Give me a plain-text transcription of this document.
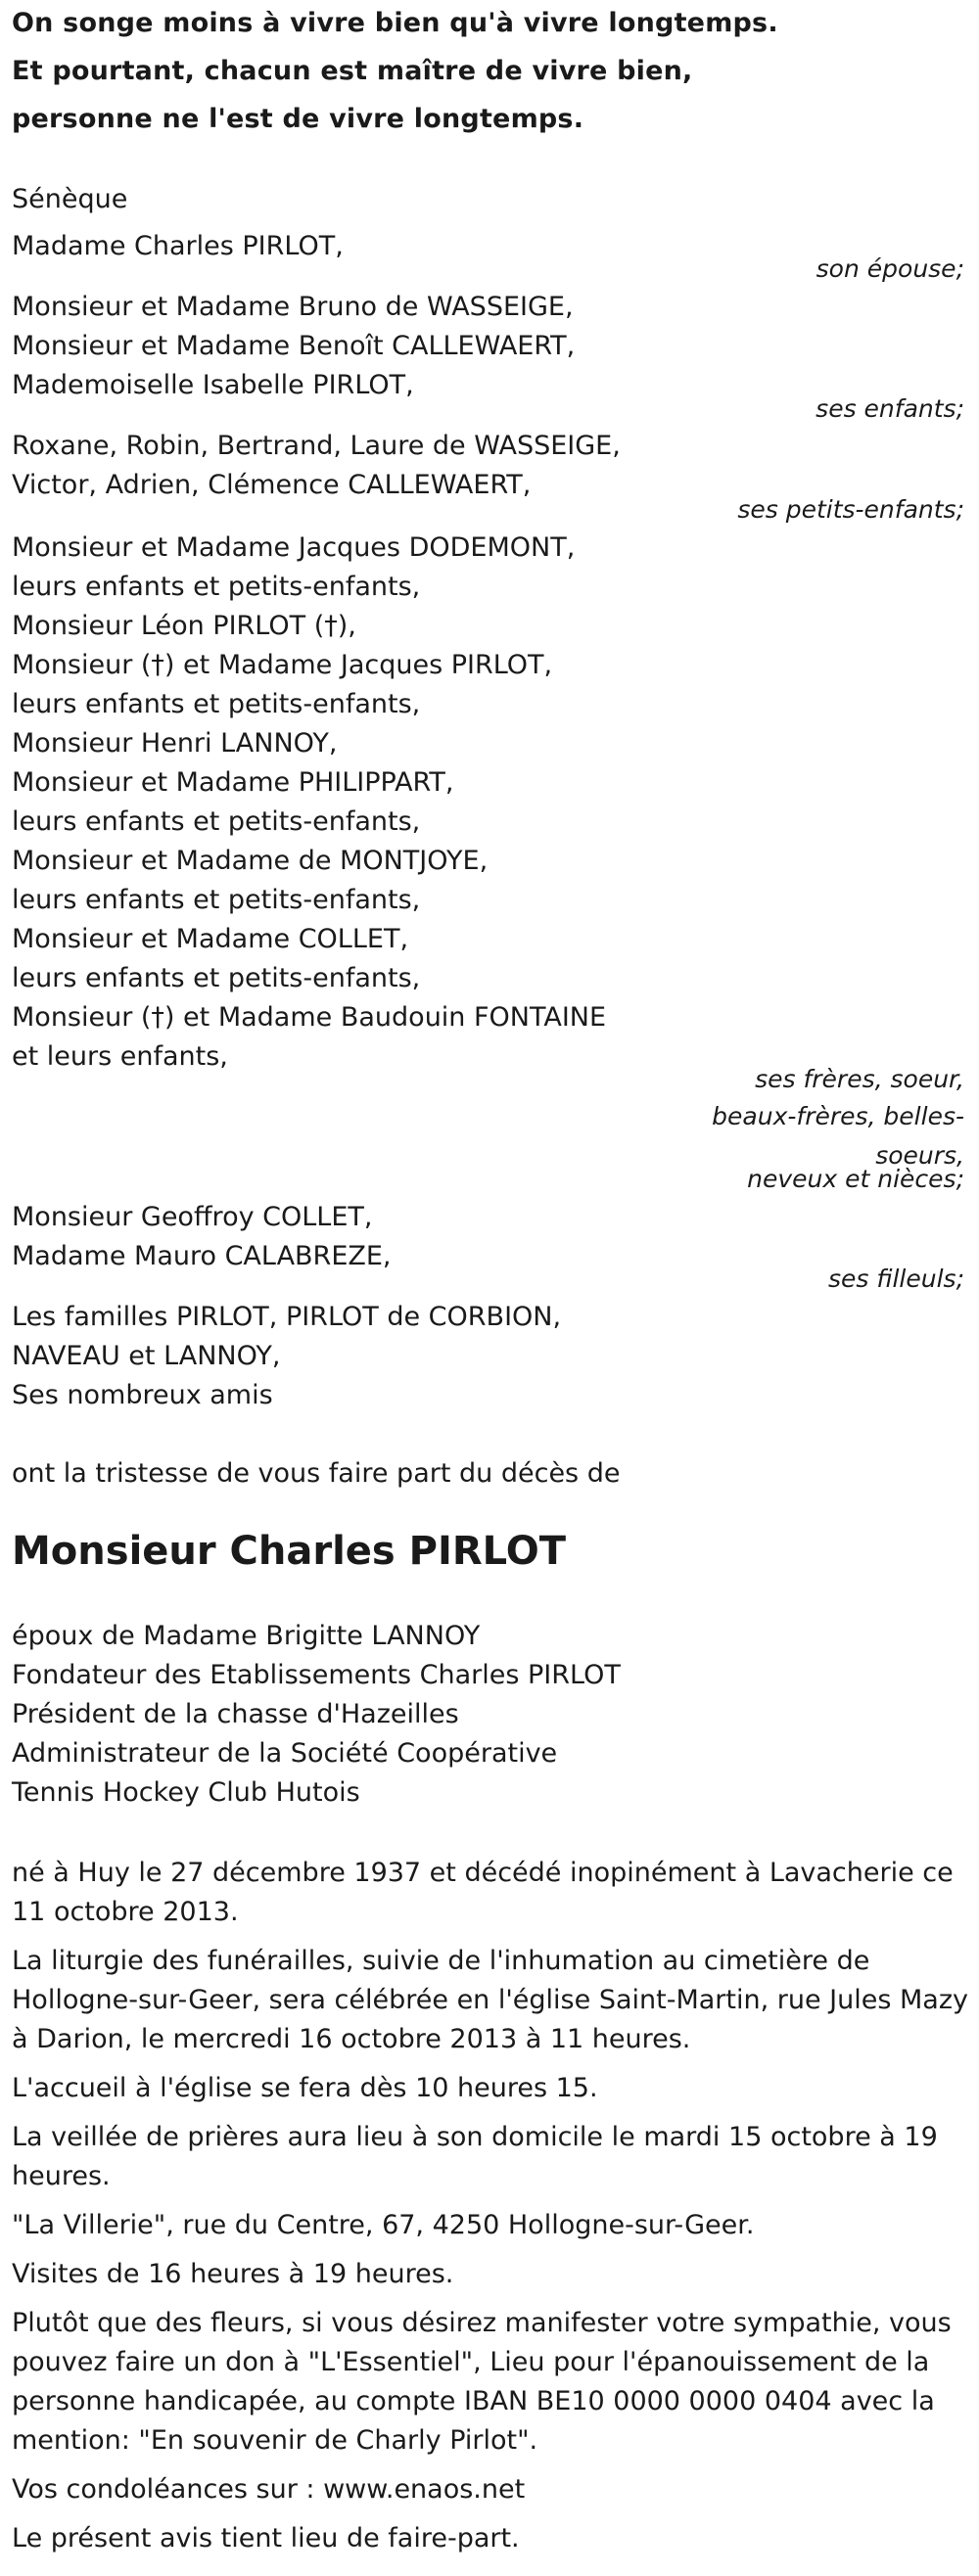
On songe moins à vivre bien qu'à vivre longtemps.
Et pourtant, chacun est maître de vivre bien,
personne ne l'est de vivre longtemps.
Sénèque
Madame Charles PIRLOT,
son épouse;
Monsieur et Madame Bruno de WASSEIGE,
Monsieur et Madame Benoît CALLEWAERT,
Mademoiselle Isabelle PIRLOT,
ses enfants;
Roxane, Robin, Bertrand, Laure de WASSEIGE,
Victor, Adrien, Clémence CALLEWAERT,
ses petits-enfants;
Monsieur et Madame Jacques DODEMONT,
leurs enfants et petits-enfants,
Monsieur Léon PIRLOT (†),
Monsieur (†) et Madame Jacques PIRLOT,
leurs enfants et petits-enfants,
Monsieur Henri LANNOY,
Monsieur et Madame PHILIPPART,
leurs enfants et petits-enfants,
Monsieur et Madame de MONTJOYE,
leurs enfants et petits-enfants,
Monsieur et Madame COLLET,
leurs enfants et petits-enfants,
Monsieur (†) et Madame Baudouin FONTAINE
et leurs enfants,
ses frères, soeur,
beaux-frères, belles-
soeurs,
neveux et nièces;
Monsieur Geoffroy COLLET,
Madame Mauro CALABREZE,
ses filleuls;
Les familles PIRLOT, PIRLOT de CORBION,
NAVEAU et LANNOY,
Ses nombreux amis
ont la tristesse de vous faire part du décès de
Monsieur Charles PIRLOT
époux de Madame Brigitte LANNOY
Fondateur des Etablissements Charles PIRLOT
Président de la chasse d'Hazeilles
Administrateur de la Société Coopérative
Tennis Hockey Club Hutois
né à Huy le 27 décembre 1937 et décédé inopinément à Lavacherie ce 11 octobre 2013.
La liturgie des funérailles, suivie de l'inhumation au cimetière de Hollogne-sur-Geer, sera célébrée en l'église Saint-Martin, rue Jules Mazy à Darion, le mercredi 16 octobre 2013 à 11 heures.
L'accueil à l'église se fera dès 10 heures 15.
La veillée de prières aura lieu à son domicile le mardi 15 octobre à 19 heures.
"La Villerie", rue du Centre, 67, 4250 Hollogne-sur-Geer.
Visites de 16 heures à 19 heures.
Plutôt que des fleurs, si vous désirez manifester votre sympathie, vous pouvez faire un don à "L'Essentiel", Lieu pour l'épanouissement de la personne handicapée, au compte IBAN BE10 0000 0000 0404 avec la mention: "En souvenir de Charly Pirlot".
Vos condoléances sur : www.enaos.net
Le présent avis tient lieu de faire-part.
